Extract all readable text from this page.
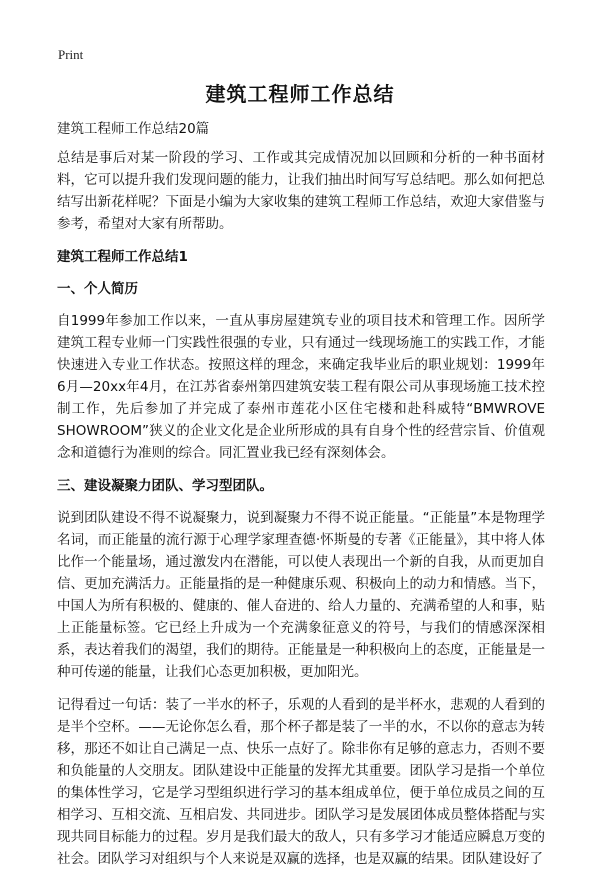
Print
建筑工程师工作总结

建筑工程师工作总结20篇

总结是事后对某一阶段的学习、工作或其完成情况加以回顾和分析的一种书面材料，它可以提升我们发现问题的能力，让我们抽出时间写写总结吧。那么如何把总结写出新花样呢？下面是小编为大家收集的建筑工程师工作总结，欢迎大家借鉴与参考，希望对大家有所帮助。

建筑工程师工作总结1

一、个人简历

自1999年参加工作以来，一直从事房屋建筑专业的项目技术和管理工作。因所学建筑工程专业师一门实践性很强的专业，只有通过一线现场施工的实践工作，才能快速进入专业工作状态。按照这样的理念，来确定我毕业后的职业规划：1999年6月—20xx年4月，在江苏省泰州第四建筑安装工程有限公司从事现场施工技术控制工作，先后参加了并完成了泰州市莲花小区住宅楼和赴科威特“BMWROVE SHOWROOM”狭义的企业文化是企业所形成的具有自身个性的经营宗旨、价值观念和道德行为准则的综合。同汇置业我已经有深刻体会。

三、建设凝聚力团队、学习型团队。

说到团队建设不得不说凝聚力，说到凝聚力不得不说正能量。“正能量”本是物理学名词，而正能量的流行源于心理学家理查德·怀斯曼的专著《正能量》，其中将人体比作一个能量场，通过激发内在潜能，可以使人表现出一个新的自我，从而更加自信、更加充满活力。正能量指的是一种健康乐观、积极向上的动力和情感。当下，中国人为所有积极的、健康的、催人奋进的、给人力量的、充满希望的人和事，贴上正能量标签。它已经上升成为一个充满象征意义的符号，与我们的情感深深相系，表达着我们的渴望，我们的期待。正能量是一种积极向上的态度，正能量是一种可传递的能量，让我们心态更加积极，更加阳光。

记得看过一句话：装了一半水的杯子，乐观的人看到的是半杯水，悲观的人看到的是半个空杯。——无论你怎么看，那个杯子都是装了一半的水，不以你的意志为转移，那还不如让自己满足一点、快乐一点好了。除非你有足够的意志力，否则不要和负能量的人交朋友。团队建设中正能量的发挥尤其重要。团队学习是指一个单位的集体性学习，它是学习型组织进行学习的基本组成单位，便于单位成员之间的互相学习、互相交流、互相启发、共同进步。团队学习是发展团体成员整体搭配与实现共同目标能力的过程。岁月是我们最大的敌人，只有多学习才能适应瞬息万变的社会。团队学习对组织与个人来说是双赢的选择，也是双赢的结果。团队建设好了
